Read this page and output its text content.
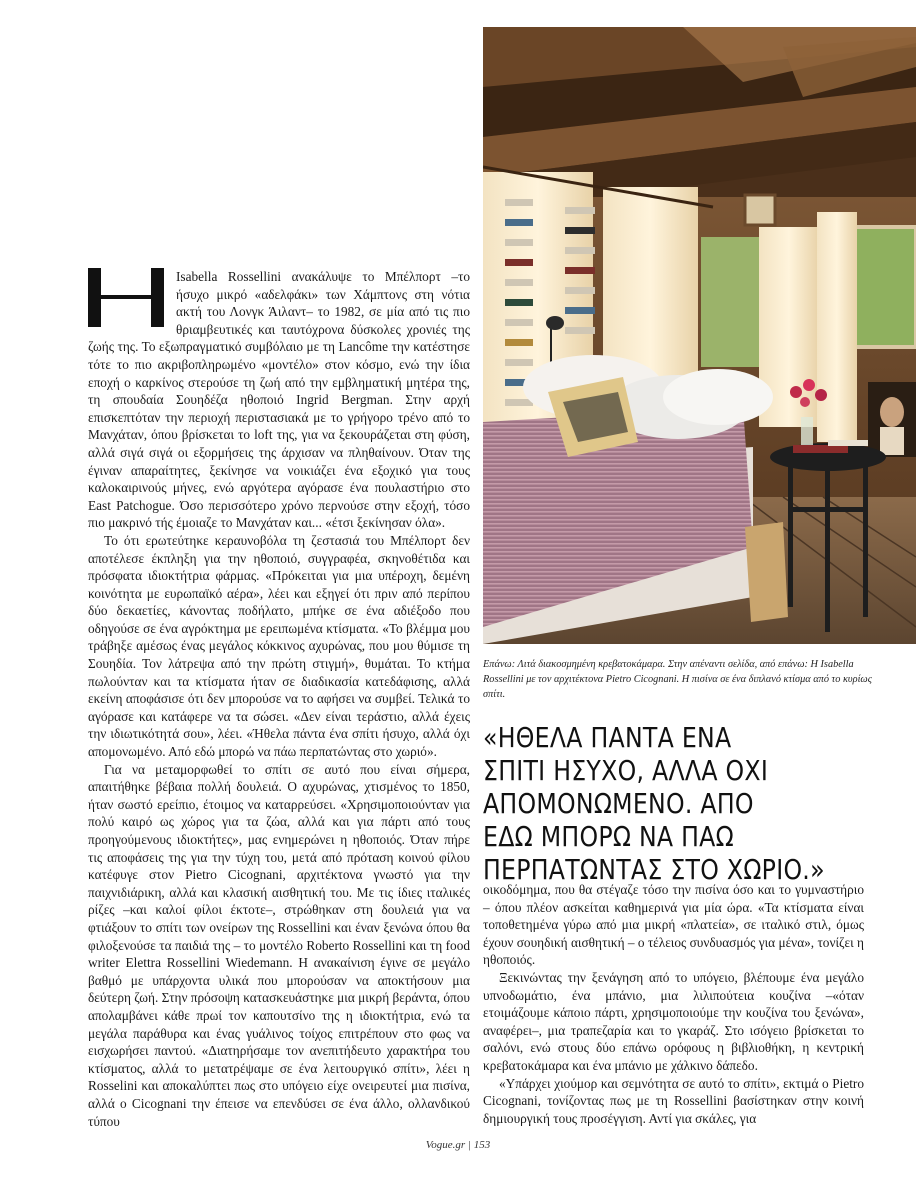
Isabella Rossellini ανακάλυψε το Μπέλπορτ –το ήσυχο μικρό «αδελφάκι» των Χάμπτονς στη νότια ακτή του Λονγκ Άιλαντ– το 1982, σε μία από τις πιο θριαμβευτικές και ταυτόχρονα δύσκολες χρονιές της ζωής της. Το εξωπραγματικό συμβόλαιο με τη Lancôme την κατέστησε τότε το πιο ακριβοπληρωμένο «μοντέλο» στον κόσμο, ενώ την ίδια εποχή ο καρκίνος στερούσε τη ζωή από την εμβληματική μητέρα της, τη σπουδαία Σουηδέζα ηθοποιό Ingrid Bergman. Στην αρχή επισκεπτόταν την περιοχή περιστασιακά με το γρήγορο τρένο από το Μανχάταν, όπου βρίσκεται το loft της, για να ξεκουράζεται στη φύση, αλλά σιγά σιγά οι εξορμήσεις της άρχισαν να πληθαίνουν. Όταν της έγιναν απαραίτητες, ξεκίνησε να νοικιάζει ένα εξοχικό για τους καλοκαιρινούς μήνες, ενώ αργότερα αγόρασε ένα πουλαστήριο στο East Patchogue. Όσο περισσότερο χρόνο περνούσε στην εξοχή, τόσο πιο μακρινό τής έμοιαζε το Μανχάταν και... «έτσι ξεκίνησαν όλα».

Το ότι ερωτεύτηκε κεραυνοβόλα τη ζεστασιά του Μπέλπορτ δεν αποτέλεσε έκπληξη για την ηθοποιό, συγγραφέα, σκηνοθέτιδα και πρόσφατα ιδιοκτήτρια φάρμας. «Πρόκειται για μια υπέροχη, δεμένη κοινότητα με ευρωπαϊκό αέρα», λέει και εξηγεί ότι πριν από περίπου δύο δεκαετίες, κάνοντας ποδήλατο, μπήκε σε ένα αδιέξοδο που οδηγούσε σε ένα αγρόκτημα με ερειπωμένα κτίσματα. «Το βλέμμα μου τράβηξε αμέσως ένας μεγάλος κόκκινος αχυρώνας, που μου θύμισε τη Σουηδία. Τον λάτρεψα από την πρώτη στιγμή», θυμάται. Το κτήμα πωλούνταν και τα κτίσματα ήταν σε διαδικασία κατεδάφισης, αλλά εκείνη αποφάσισε ότι δεν μπορούσε να το αφήσει να συμβεί. Τελικά το αγόρασε και κατάφερε να τα σώσει. «Δεν είναι τεράστιο, αλλά έχεις την ιδιωτικότητά σου», λέει. «Ήθελα πάντα ένα σπίτι ήσυχο, αλλά όχι απομονωμένο. Από εδώ μπορώ να πάω περπατώντας στο χωριό».

Για να μεταμορφωθεί το σπίτι σε αυτό που είναι σήμερα, απαιτήθηκε βέβαια πολλή δουλειά. Ο αχυρώνας, χτισμένος το 1850, ήταν σωστό ερείπιο, έτοιμος να καταρρεύσει. «Χρησιμοποιούνταν για πολύ καιρό ως χώρος για τα ζώα, αλλά και για πάρτι από τους προηγούμενους ιδιοκτήτες», μας ενημερώνει η ηθοποιός. Όταν πήρε τις αποφάσεις της για την τύχη του, μετά από πρόταση κοινού φίλου κατέφυγε στον Pietro Cicognani, αρχιτέκτονα γνωστό για την παιχνιδιάρικη, αλλά και κλασική αισθητική του. Με τις ίδιες ιταλικές ρίζες –και καλοί φίλοι έκτοτε–, στρώθηκαν στη δουλειά για να φτιάξουν το σπίτι των ονείρων της Rossellini και έναν ξενώνα όπου θα φιλοξενούσε τα παιδιά της – το μοντέλο Roberto Rossellini και τη food writer Elettra Rossellini Wiedemann. Η ανακαίνιση έγινε σε μεγάλο βαθμό με υπάρχοντα υλικά που μπορούσαν να αποκτήσουν μια δεύτερη ζωή. Στην πρόσοψη κατασκευάστηκε μια μικρή βεράντα, όπου απολαμβάνει κάθε πρωί τον καπουτσίνο της η ιδιοκτήτρια, ενώ τα μεγάλα παράθυρα και ένας γυάλινος τοίχος επιτρέπουν στο φως να εισχωρήσει παντού. «Διατηρήσαμε τον ανεπιτήδευτο χαρακτήρα του κτίσματος, αλλά το μετατρέψαμε σε ένα λειτουργικό σπίτι», λέει η Rosselini και αποκαλύπτει πως στο υπόγειο είχε ονειρευτεί μια πισίνα, αλλά ο Cicognani την έπεισε να επενδύσει σε ένα άλλο, ολλανδικού τύπου

Επάνω: Λιτά διακοσμημένη κρεβατοκάμαρα. Στην απέναντι σελίδα, από επάνω: Η Isabella Rossellini με τον αρχιτέκτονα Pietro Cicognani. Η πισίνα σε ένα διπλανό κτίσμα από το κυρίως σπίτι.
«ΗΘΕΛΑ ΠΑΝΤΑ ΕΝΑ
ΣΠΙΤΙ ΗΣΥΧΟ, ΑΛΛΑ ΟΧΙ
ΑΠΟΜΟΝΩΜΕΝΟ. ΑΠΟ
ΕΔΩ ΜΠΟΡΩ ΝΑ ΠΑΩ
ΠΕΡΠΑΤΩΝΤΑΣ ΣΤΟ ΧΩΡΙΟ.»

οικοδόμημα, που θα στέγαζε τόσο την πισίνα όσο και το γυμναστήριο – όπου πλέον ασκείται καθημερινά για μία ώρα. «Τα κτίσματα είναι τοποθετημένα γύρω από μια μικρή «πλατεία», σε ιταλικό στιλ, όμως έχουν σουηδική αισθητική – ο τέλειος συνδυασμός για μένα», τονίζει η ηθοποιός.

Ξεκινώντας την ξενάγηση από το υπόγειο, βλέπουμε ένα μεγάλο υπνοδωμάτιο, ένα μπάνιο, μια λιλιπούτεια κουζίνα –«όταν ετοιμάζουμε κάποιο πάρτι, χρησιμοποιούμε την κουζίνα του ξενώνα», αναφέρει–, μια τραπεζαρία και το γκαράζ. Στο ισόγειο βρίσκεται το σαλόνι, ενώ στους δύο επάνω ορόφους η βιβλιοθήκη, η κεντρική κρεβατοκάμαρα και ένα μπάνιο με χάλκινο δάπεδο.

«Υπάρχει χιούμορ και σεμνότητα σε αυτό το σπίτι», εκτιμά ο Pietro Cicognani, τονίζοντας πως με τη Rossellini βασίστηκαν στην κοινή δημιουργική τους προσέγγιση. Αντί για σκάλες, για

Vogue.gr | 153
